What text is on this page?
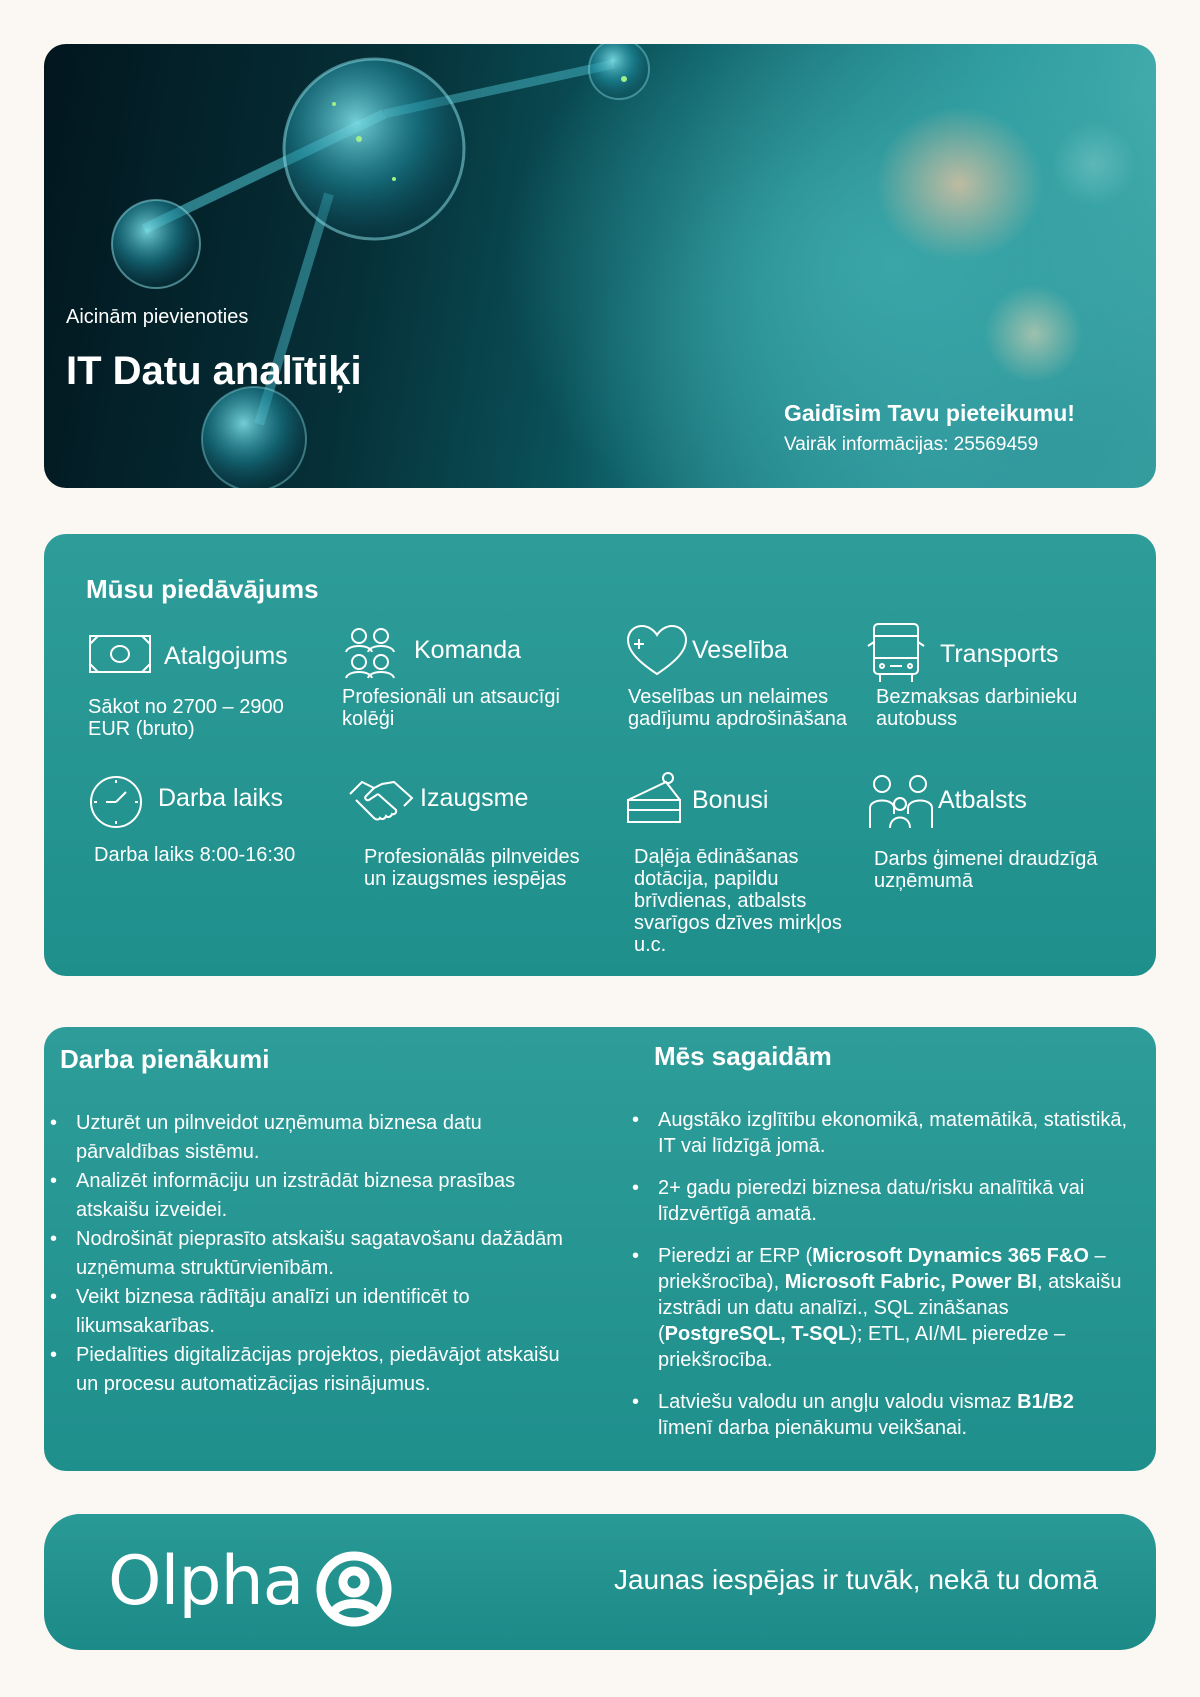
Aicinām pievienoties
IT Datu analītiķi
Gaidīsim Tavu pieteikumu!
Vairāk informācijas: 25569459
Mūsu piedāvājums
Atalgojums
Sākot no 2700 – 2900 EUR (bruto)
Komanda
Profesionāli un atsaucīgi kolēģi
Veselība
Veselības un nelaimes gadījumu apdrošināšana
Transports
Bezmaksas darbinieku autobuss
Darba laiks
Darba laiks 8:00-16:30
Izaugsme
Profesionālās pilnveides un izaugsmes iespējas
Bonusi
Daļēja ēdināšanas dotācija, papildu brīvdienas, atbalsts svarīgos dzīves mirkļos u.c.
Atbalsts
Darbs ģimenei draudzīgā uzņēmumā
Darba pienākumi
• Uzturēt un pilnveidot uzņēmuma biznesa datu pārvaldības sistēmu.
• Analizēt informāciju un izstrādāt biznesa prasības atskaišu izveidei.
• Nodrošināt pieprasīto atskaišu sagatavošanu dažādām uzņēmuma struktūrvienībām.
• Veikt biznesa rādītāju analīzi un identificēt to likumsakarības.
• Piedalīties digitalizācijas projektos, piedāvājot atskaišu un procesu automatizācijas risinājumus.
Mēs sagaidām
• Augstāko izglītību ekonomikā, matemātikā, statistikā, IT vai līdzīgā jomā.
• 2+ gadu pieredzi biznesa datu/risku analītikā vai līdzvērtīgā amatā.
• Pieredzi ar ERP (Microsoft Dynamics 365 F&O – priekšrocība), Microsoft Fabric, Power BI, atskaišu izstrādi un datu analīzi., SQL zināšanas (PostgreSQL, T-SQL); ETL, AI/ML pieredze – priekšrocība.
• Latviešu valodu un angļu valodu vismaz B1/B2 līmenī darba pienākumu veikšanai.
Olpha	Jaunas iespējas ir tuvāk, nekā tu domā
